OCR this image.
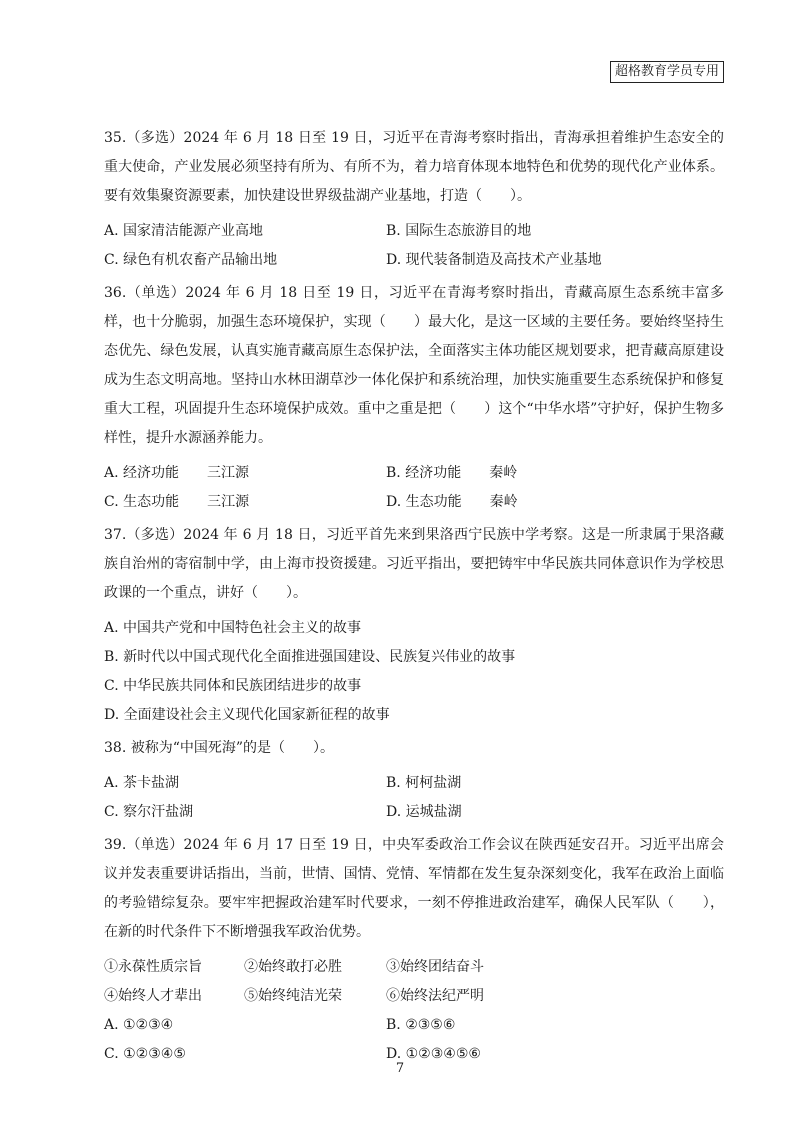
超格教育学员专用

35.（多选）2024 年 6 月 18 日至 19 日，习近平在青海考察时指出，青海承担着维护生态安全的重大使命，产业发展必须坚持有所为、有所不为，着力培育体现本地特色和优势的现代化产业体系。要有效集聚资源要素，加快建设世界级盐湖产业基地，打造（　　）。

A. 国家清洁能源产业高地	B. 国际生态旅游目的地
C. 绿色有机农畜产品输出地	D. 现代装备制造及高技术产业基地

36.（单选）2024 年 6 月 18 日至 19 日，习近平在青海考察时指出，青藏高原生态系统丰富多样，也十分脆弱，加强生态环境保护，实现（　　）最大化，是这一区域的主要任务。要始终坚持生态优先、绿色发展，认真实施青藏高原生态保护法，全面落实主体功能区规划要求，把青藏高原建设成为生态文明高地。坚持山水林田湖草沙一体化保护和系统治理，加快实施重要生态系统保护和修复重大工程，巩固提升生态环境保护成效。重中之重是把（　　）这个“中华水塔”守护好，保护生物多样性，提升水源涵养能力。

A. 经济功能 三江源	B. 经济功能 秦岭
C. 生态功能 三江源	D. 生态功能 秦岭

37.（多选）2024 年 6 月 18 日，习近平首先来到果洛西宁民族中学考察。这是一所隶属于果洛藏族自治州的寄宿制中学，由上海市投资援建。习近平指出，要把铸牢中华民族共同体意识作为学校思政课的一个重点，讲好（　　）。

A. 中国共产党和中国特色社会主义的故事
B. 新时代以中国式现代化全面推进强国建设、民族复兴伟业的故事
C. 中华民族共同体和民族团结进步的故事
D. 全面建设社会主义现代化国家新征程的故事

38. 被称为“中国死海”的是（　　）。

A. 茶卡盐湖	B. 柯柯盐湖
C. 察尔汗盐湖	D. 运城盐湖

39.（单选）2024 年 6 月 17 日至 19 日，中央军委政治工作会议在陕西延安召开。习近平出席会议并发表重要讲话指出，当前，世情、国情、党情、军情都在发生复杂深刻变化，我军在政治上面临的考验错综复杂。要牢牢把握政治建军时代要求，一刻不停推进政治建军，确保人民军队（　　），在新的时代条件下不断增强我军政治优势。

①永葆性质宗旨	②始终敢打必胜	③始终团结奋斗
④始终人才辈出	⑤始终纯洁光荣	⑥始终法纪严明
A. ①②③④	B. ②③⑤⑥
C. ①②③④⑤	D. ①②③④⑤⑥
7
